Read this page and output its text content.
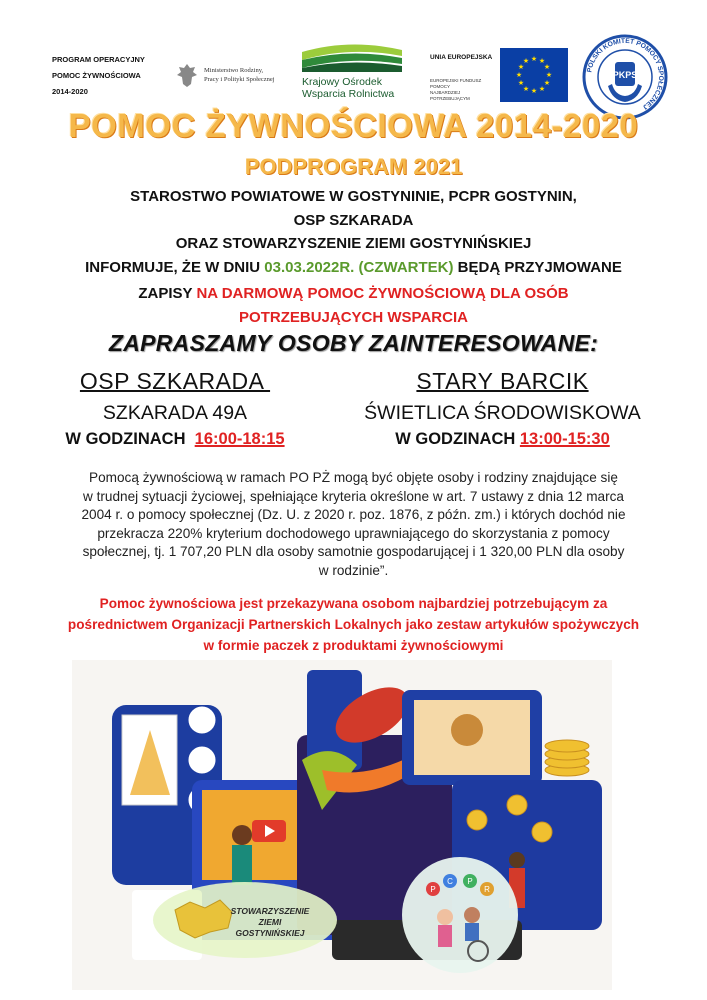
PROGRAM OPERACYJNY
POMOC ŻYWNOŚCIOWA
2014-2020
Ministerstwo Rodziny,
Pracy i Polityki Społecznej	Krajowy Ośrodek
Wsparcia Rolnictwa
UNIA EUROPEJSKA
EUROPEJSKI FUNDUSZ POMOCY
NAJBARDZIEJ POTRZEBUJĄCYM
★ ★
★
★
★
★
★
★
★
★
★
★
POLSKI KOMITET POMOCY SPOŁECZNEJ
PKPS
POMOC ŻYWNOŚCIOWA 2014-2020
PODPROGRAM 2021
STAROSTWO POWIATOWE W GOSTYNINIE, PCPR GOSTYNIN,
OSP SZKARADA
ORAZ STOWARZYSZENIE ZIEMI GOSTYNIŃSKIEJ
INFORMUJE, ŻE W DNIU 03.03.2022R. (CZWARTEK) BĘDĄ PRZYJMOWANE
ZAPISY NA DARMOWĄ POMOC ŻYWNOŚCIOWĄ DLA OSÓB
POTRZEBUJĄCYCH WSPARCIA
ZAPRASZAMY OSOBY ZAINTERESOWANE:
OSP SZKARADA
SZKARADA 49A
W GODZINACH  16:00-18:15
STARY BARCIK
ŚWIETLICA ŚRODOWISKOWA
W GODZINACH 13:00-15:30
Pomocą żywnościową w ramach PO PŻ mogą być objęte osoby i rodziny znajdujące się
w trudnej sytuacji życiowej, spełniające kryteria określone w art. 7 ustawy z dnia 12 marca
2004 r. o pomocy społecznej (Dz. U. z 2020 r. poz. 1876, z późn. zm.) i których dochód nie
przekracza 220% kryterium dochodowego uprawniającego do skorzystania z pomocy
społecznej, tj. 1 707,20 PLN dla osoby samotnie gospodarującej i 1 320,00 PLN dla osoby
w rodzinie”.
Pomoc żywnościowa jest przekazywana osobom najbardziej potrzebującym za
pośrednictwem Organizacji Partnerskich Lokalnych jako zestaw artykułów spożywczych
w formie paczek z produktami żywnościowymi
STOWARZYSZENIE
ZIEMI
GOSTYNIŃSKIEJ
P
C P
R
